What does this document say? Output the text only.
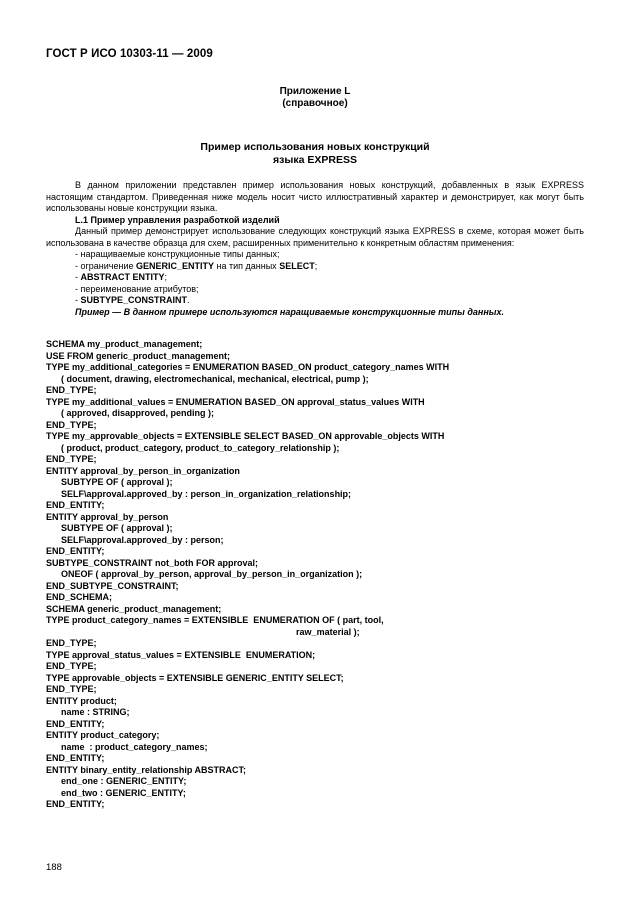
ГОСТ Р ИСО 10303-11 — 2009
Приложение L
(справочное)
Пример использования новых конструкций
языка EXPRESS

В данном приложении представлен пример использования новых конструкций, добавленных в язык EXPRESS настоящим стандартом. Приведенная ниже модель носит чисто иллюстративный характер и демонстрирует, как могут быть использованы новые конструкции языка.

L.1 Пример управления разработкой изделий

Данный пример демонстрирует использование следующих конструкций языка EXPRESS в схеме, которая может быть использована в качестве образца для схем, расширенных применительно к конкретным областям применения:

- наращиваемые конструкционные типы данных;

- ограничение GENERIC_ENTITY на тип данных SELECT;

- ABSTRACT ENTITY;

- переименование атрибутов;

- SUBTYPE_CONSTRAINT.

Пример — В данном примере используются наращиваемые конструкционные типы данных.

SCHEMA my_product_management;
USE FROM generic_product_management;
TYPE my_additional_categories = ENUMERATION BASED_ON product_category_names WITH
( document, drawing, electromechanical, mechanical, electrical, pump );
END_TYPE;
TYPE my_additional_values = ENUMERATION BASED_ON approval_status_values WITH
( approved, disapproved, pending );
END_TYPE;
TYPE my_approvable_objects = EXTENSIBLE SELECT BASED_ON approvable_objects WITH
( product, product_category, product_to_category_relationship );
END_TYPE;
ENTITY approval_by_person_in_organization
SUBTYPE OF ( approval );
SELF\approval.approved_by : person_in_organization_relationship;
END_ENTITY;
ENTITY approval_by_person
SUBTYPE OF ( approval );
SELF\approval.approved_by : person;
END_ENTITY;
SUBTYPE_CONSTRAINT not_both FOR approval;
ONEOF ( approval_by_person, approval_by_person_in_organization );
END_SUBTYPE_CONSTRAINT;
END_SCHEMA;
SCHEMA generic_product_management;
TYPE product_category_names = EXTENSIBLE  ENUMERATION OF ( part, tool,
raw_material );
END_TYPE;
TYPE approval_status_values = EXTENSIBLE  ENUMERATION;
END_TYPE;
TYPE approvable_objects = EXTENSIBLE GENERIC_ENTITY SELECT;
END_TYPE;
ENTITY product;
name : STRING;
END_ENTITY;
ENTITY product_category;
name  : product_category_names;
END_ENTITY;
ENTITY binary_entity_relationship ABSTRACT;
end_one : GENERIC_ENTITY;
end_two : GENERIC_ENTITY;
END_ENTITY;
188
